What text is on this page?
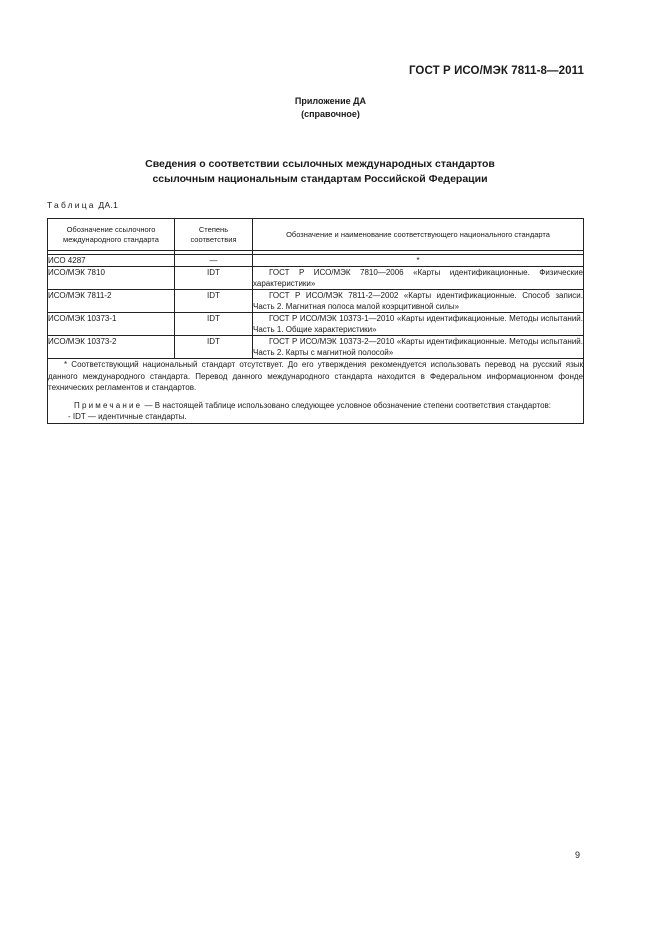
ГОСТ Р ИСО/МЭК 7811-8—2011
Приложение ДА
(справочное)
Сведения о соответствии ссылочных международных стандартов
ссылочным национальным стандартам Российской Федерации
Таблица ДА.1
Обозначение ссылочного международного стандарта	Степень соответствия	Обозначение и наименование соответствующего национального стандарта

ИСО 4287	—	*
ИСО/МЭК 7810	IDT	ГОСТ Р ИСО/МЭК 7810—2006 «Карты идентификационные. Физические характеристики»

ИСО/МЭК 7811-2	IDT	ГОСТ Р ИСО/МЭК 7811-2—2002 «Карты идентификационные. Способ записи. Часть 2. Магнитная полоса малой коэрцитивной силы»

ИСО/МЭК 10373-1	IDT	ГОСТ Р ИСО/МЭК 10373-1—2010 «Карты идентификационные. Методы испытаний. Часть 1. Общие характеристики»

ИСО/МЭК 10373-2	IDT	ГОСТ Р ИСО/МЭК 10373-2—2010 «Карты идентификационные. Методы испытаний. Часть 2. Карты с магнитной полосой»

* Соответствующий национальный стандарт отсутствует. До его утверждения рекомендуется использовать перевод на русский язык данного международного стандарта. Перевод данного международного стандарта находится в Федеральном информационном фонде технических регламентов и стандартов.

Примечание — В настоящей таблице использовано следующее условное обозначение степени соответствия стандартов:

- IDT — идентичные стандарты.		

9
